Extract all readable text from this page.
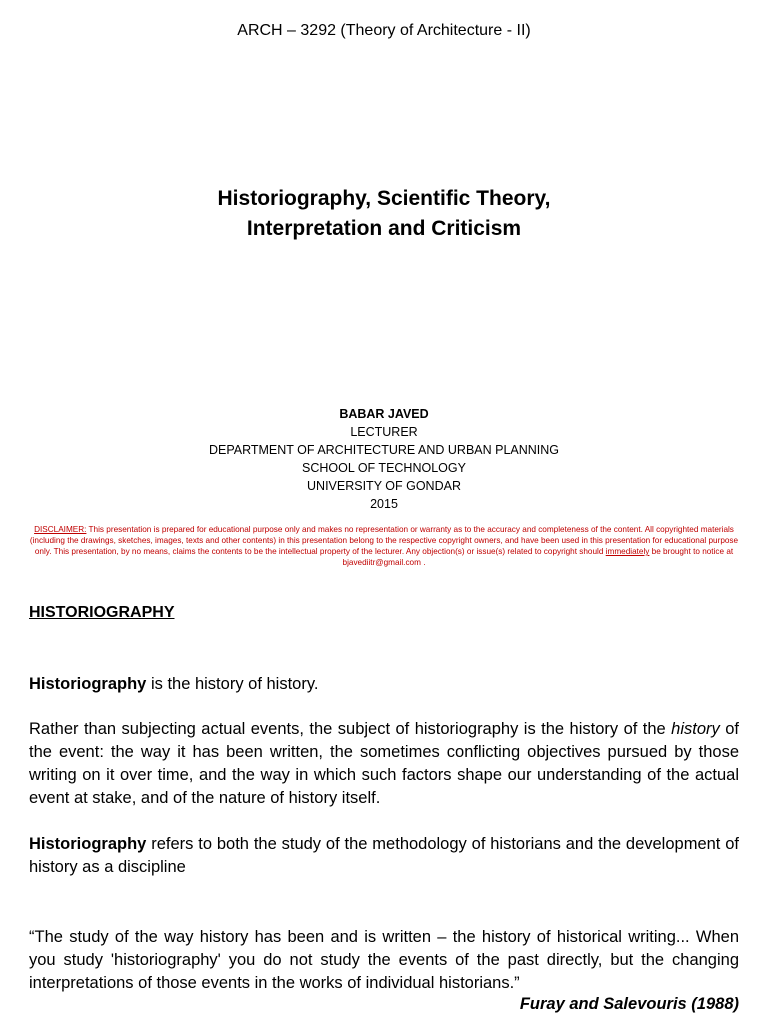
ARCH – 3292 (Theory of Architecture - II)
Historiography, Scientific Theory,
Interpretation and Criticism
BABAR JAVED
LECTURER
DEPARTMENT OF ARCHITECTURE AND URBAN PLANNING
SCHOOL OF TECHNOLOGY
UNIVERSITY OF GONDAR
2015
DISCLAIMER: This presentation is prepared for educational purpose only and makes no representation or warranty as to the accuracy and completeness of the content. All copyrighted materials (including the drawings, sketches, images, texts and other contents) in this presentation belong to the respective copyright owners, and have been used in this presentation for educational purpose only. This presentation, by no means, claims the contents to be the intellectual property of the lecturer. Any objection(s) or issue(s) related to copyright should immediately be brought to notice at bjavediitr@gmail.com .
HISTORIOGRAPHY
Historiography is the history of history.
Rather than subjecting actual events, the subject of historiography is the history of the history of the event: the way it has been written, the sometimes conflicting objectives pursued by those writing on it over time, and the way in which such factors shape our understanding of the actual event at stake, and of the nature of history itself.
Historiography refers to both the study of the methodology of historians and the development of history as a discipline
“The study of the way history has been and is written – the history of historical writing... When you study 'historiography' you do not study the events of the past directly, but the changing interpretations of those events in the works of individual historians.”
Furay and Salevouris (1988)
